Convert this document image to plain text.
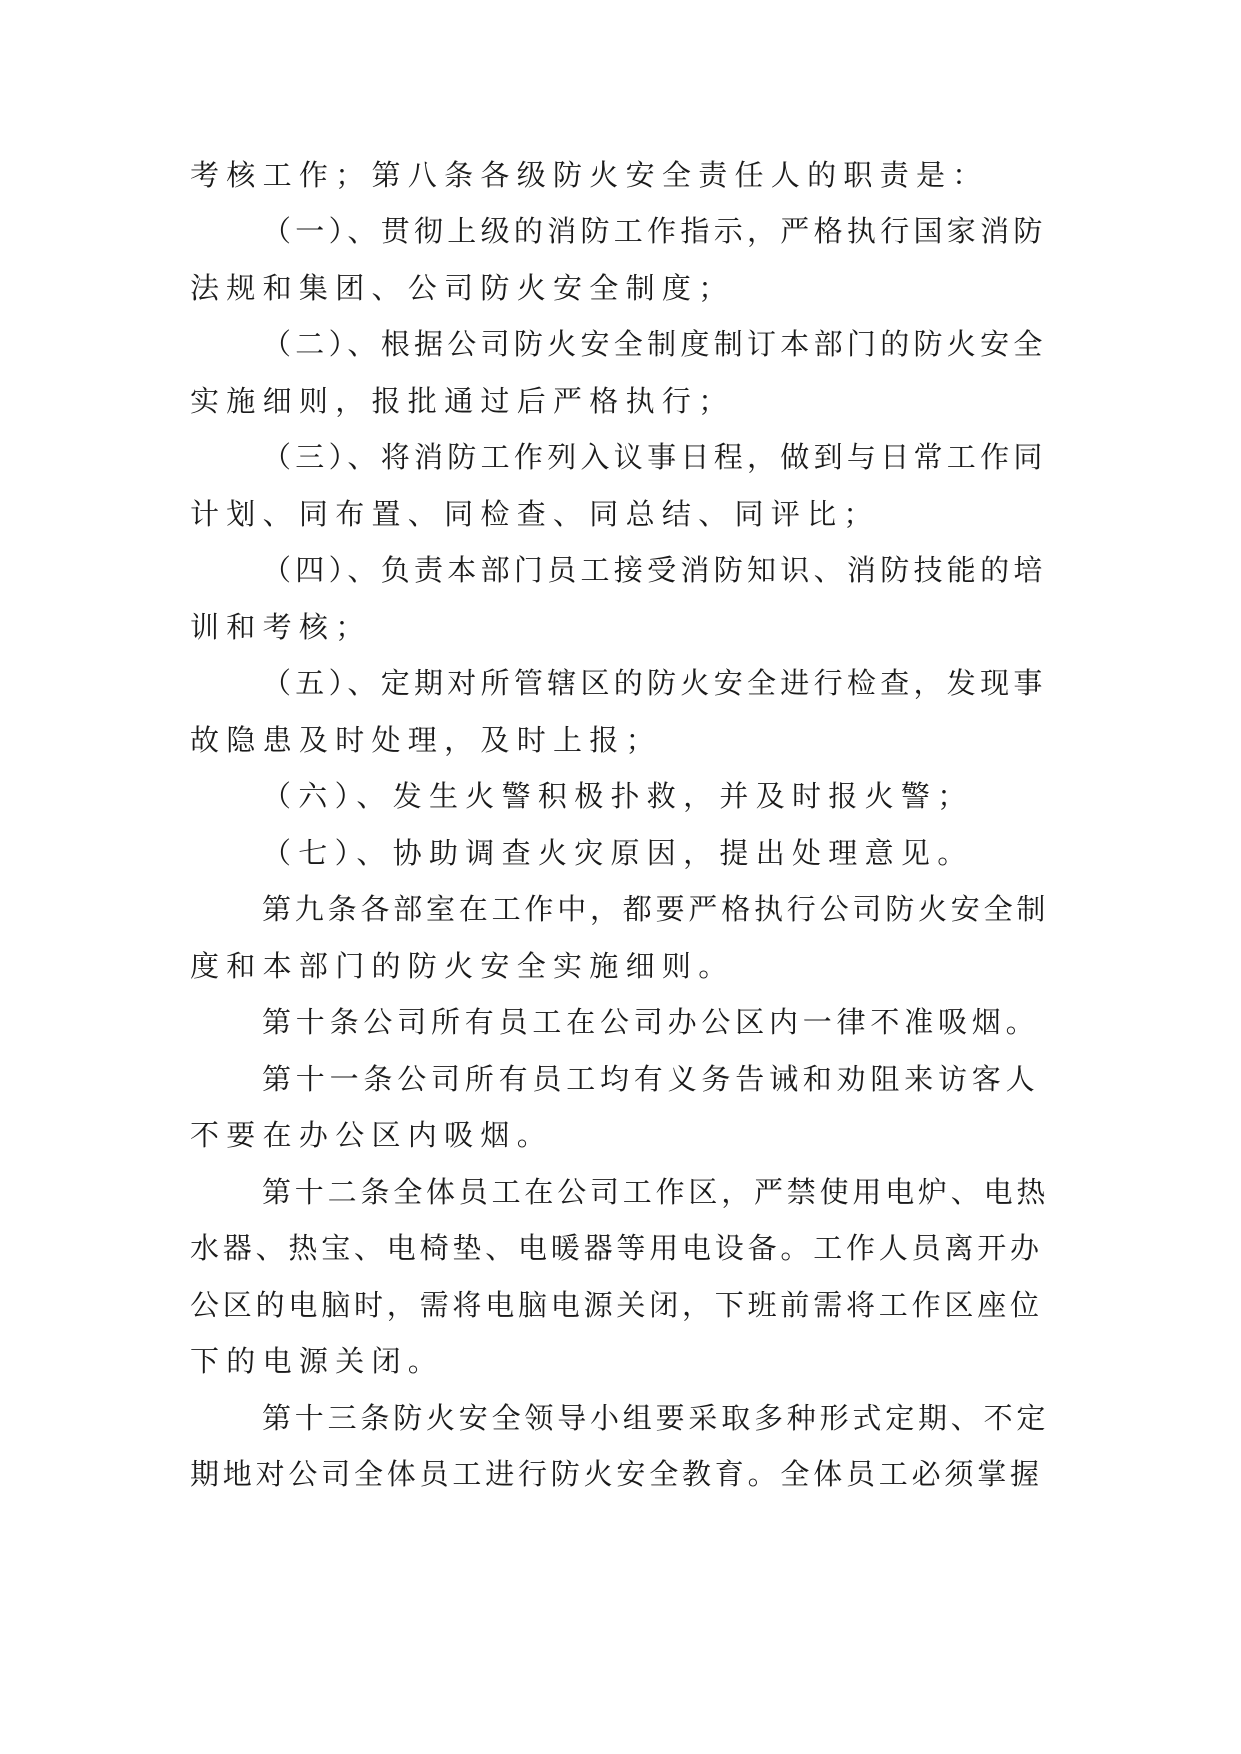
考核工作；第八条各级防火安全责任人的职责是：
（一）、贯彻上级的消防工作指示，严格执行国家消防
法规和集团、公司防火安全制度；
（二）、根据公司防火安全制度制订本部门的防火安全
实施细则，报批通过后严格执行；
（三）、将消防工作列入议事日程，做到与日常工作同
计划、同布置、同检查、同总结、同评比；
（四）、负责本部门员工接受消防知识、消防技能的培
训和考核；
（五）、定期对所管辖区的防火安全进行检查，发现事
故隐患及时处理，及时上报；
（六）、发生火警积极扑救，并及时报火警；
（七）、协助调查火灾原因，提出处理意见。
第九条各部室在工作中，都要严格执行公司防火安全制
度和本部门的防火安全实施细则。
第十条公司所有员工在公司办公区内一律不准吸烟。
第十一条公司所有员工均有义务告诫和劝阻来访客人
不要在办公区内吸烟。
第十二条全体员工在公司工作区，严禁使用电炉、电热
水器、热宝、电椅垫、电暖器等用电设备。工作人员离开办
公区的电脑时，需将电脑电源关闭，下班前需将工作区座位
下的电源关闭。
第十三条防火安全领导小组要采取多种形式定期、不定
期地对公司全体员工进行防火安全教育。全体员工必须掌握
